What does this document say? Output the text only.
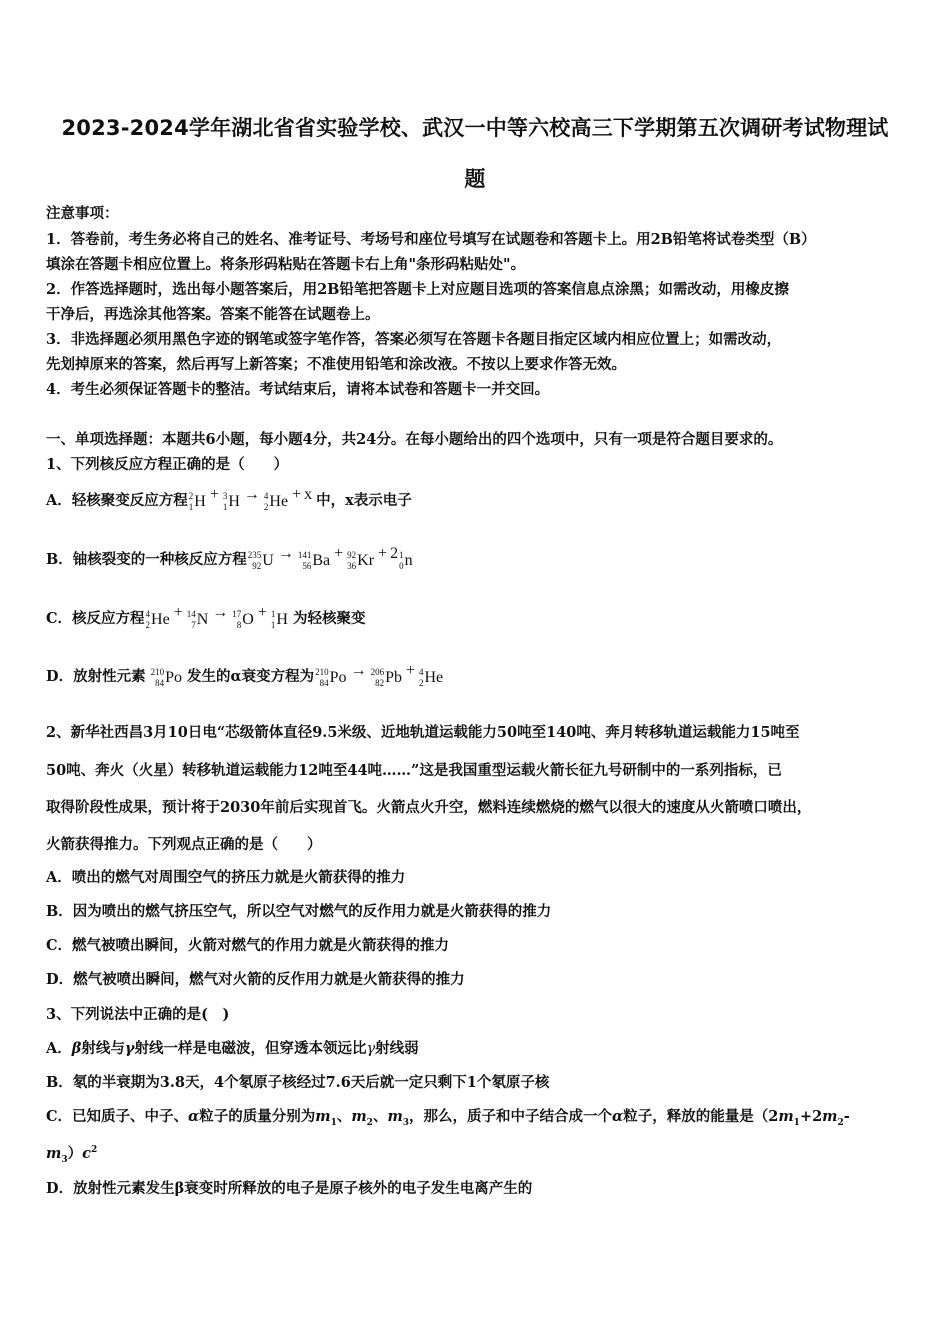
2023-2024学年湖北省省实验学校、武汉一中等六校高三下学期第五次调研考试物理试
题
注意事项：
1．答卷前，考生务必将自己的姓名、准考证号、考场号和座位号填写在试题卷和答题卡上。用2B铅笔将试卷类型（B）
填涂在答题卡相应位置上。将条形码粘贴在答题卡右上角"条形码粘贴处"。
2．作答选择题时，选出每小题答案后，用2B铅笔把答题卡上对应题目选项的答案信息点涂黑；如需改动，用橡皮擦
干净后，再选涂其他答案。答案不能答在试题卷上。
3．非选择题必须用黑色字迹的钢笔或签字笔作答，答案必须写在答题卡各题目指定区域内相应位置上；如需改动，
先划掉原来的答案，然后再写上新答案；不准使用铅笔和涂改液。不按以上要求作答无效。
4．考生必须保证答题卡的整洁。考试结束后，请将本试卷和答题卡一并交回。
一、单项选择题：本题共6小题，每小题4分，共24分。在每小题给出的四个选项中，只有一项是符合题目要求的。
1、下列核反应方程正确的是（　　）
A．轻核聚变反应方程 2
1 H + 3
1 H → 4
2 He + x 中，x表示电子
B．铀核裂变的一种核反应方程 235
92 U → 141
56 Ba + 92
36 Kr + 2 1
0 n
C．核反应方程 4
2 He + 14
7 N → 17
8 O + 1
1 H 为轻核聚变
D．放射性元素 210
84 Po 发生的α衰变方程为 210
84 Po → 206
82 Pb + 4
2 He
2、新华社西昌3月10日电“芯级箭体直径9.5米级、近地轨道运载能力50吨至140吨、奔月转移轨道运载能力15吨至
50吨、奔火（火星）转移轨道运载能力12吨至44吨……”这是我国重型运载火箭长征九号研制中的一系列指标，已
取得阶段性成果，预计将于2030年前后实现首飞。火箭点火升空，燃料连续燃烧的燃气以很大的速度从火箭喷口喷出，
火箭获得推力。下列观点正确的是（　　）
A．喷出的燃气对周围空气的挤压力就是火箭获得的推力
B．因为喷出的燃气挤压空气，所以空气对燃气的反作用力就是火箭获得的推力
C．燃气被喷出瞬间，火箭对燃气的作用力就是火箭获得的推力
D．燃气被喷出瞬间，燃气对火箭的反作用力就是火箭获得的推力
3、下列说法中正确的是(　)
A．β射线与γ射线一样是电磁波，但穿透本领远比γ射线弱
B．氡的半衰期为3.8天，4个氡原子核经过7.6天后就一定只剩下1个氡原子核
C．已知质子、中子、α粒子的质量分别为$m_1$、$m_2$、$m_3$，那么，质子和中子结合成一个α粒子，释放的能量是（$2m_1+2m_2-$
$m_3)c^2$
D．放射性元素发生β衰变时所释放的电子是原子核外的电子发生电离产生的
